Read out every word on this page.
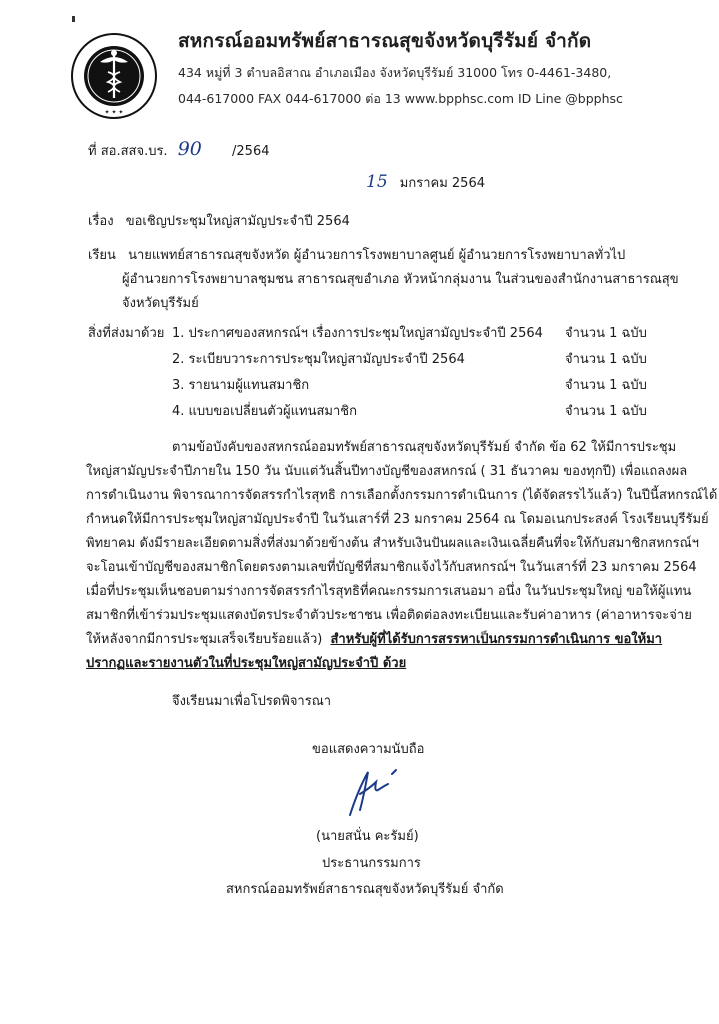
✦ ✦ ✦
สหกรณ์ออมทรัพย์สาธารณสุขจังหวัดบุรีรัมย์ จำกัด
434 หมู่ที่ 3 ตำบลอิสาณ อำเภอเมือง จังหวัดบุรีรัมย์ 31000 โทร 0-4461-3480,
044-617000 FAX 044-617000 ต่อ 13 www.bpphsc.com ID Line @bpphsc
ที่ สอ.สสจ.บร. 90 /2564
15 มกราคม 2564
เรื่อง ขอเชิญประชุมใหญ่สามัญประจำปี 2564
เรียน นายแพทย์สาธารณสุขจังหวัด ผู้อำนวยการโรงพยาบาลศูนย์ ผู้อำนวยการโรงพยาบาลทั่วไป
ผู้อำนวยการโรงพยาบาลชุมชน สาธารณสุขอำเภอ หัวหน้ากลุ่มงาน ในส่วนของสำนักงานสาธารณสุข
จังหวัดบุรีรัมย์
สิ่งที่ส่งมาด้วย 1. ประกาศของสหกรณ์ฯ เรื่องการประชุมใหญ่สามัญประจำปี 2564 จำนวน 1 ฉบับ
2. ระเบียบวาระการประชุมใหญ่สามัญประจำปี 2564	จำนวน 1 ฉบับ
3. รายนามผู้แทนสมาชิก	จำนวน 1 ฉบับ
4. แบบขอเปลี่ยนตัวผู้แทนสมาชิก	จำนวน 1 ฉบับ
ตามข้อบังคับของสหกรณ์ออมทรัพย์สาธารณสุขจังหวัดบุรีรัมย์ จำกัด ข้อ 62 ให้มีการประชุม
ใหญ่สามัญประจำปีภายใน 150 วัน นับแต่วันสิ้นปีทางบัญชีของสหกรณ์ ( 31 ธันวาคม ของทุกปี) เพื่อแถลงผล
การดำเนินงาน พิจารณาการจัดสรรกำไรสุทธิ การเลือกตั้งกรรมการดำเนินการ (ได้จัดสรรไว้แล้ว) ในปีนี้สหกรณ์ได้
กำหนดให้มีการประชุมใหญ่สามัญประจำปี ในวันเสาร์ที่ 23 มกราคม 2564 ณ โดมอเนกประสงค์ โรงเรียนบุรีรัมย์
พิทยาคม ดังมีรายละเอียดตามสิ่งที่ส่งมาด้วยข้างต้น สำหรับเงินปันผลและเงินเฉลี่ยคืนที่จะให้กับสมาชิกสหกรณ์ฯ
จะโอนเข้าบัญชีของสมาชิกโดยตรงตามเลขที่บัญชีที่สมาชิกแจ้งไว้กับสหกรณ์ฯ ในวันเสาร์ที่ 23 มกราคม 2564
เมื่อที่ประชุมเห็นชอบตามร่างการจัดสรรกำไรสุทธิที่คณะกรรมการเสนอมา อนึ่ง ในวันประชุมใหญ่ ขอให้ผู้แทน
สมาชิกที่เข้าร่วมประชุมแสดงบัตรประจำตัวประชาชน เพื่อติดต่อลงทะเบียนและรับค่าอาหาร (ค่าอาหารจะจ่าย
ให้หลังจากมีการประชุมเสร็จเรียบร้อยแล้ว) สำหรับผู้ที่ได้รับการสรรหาเป็นกรรมการดำเนินการ ขอให้มา
ปรากฏและรายงานตัวในที่ประชุมใหญ่สามัญประจำปี ด้วย
จึงเรียนมาเพื่อโปรดพิจารณา
ขอแสดงความนับถือ
(นายสนั่น คะรัมย์)
ประธานกรรมการ
สหกรณ์ออมทรัพย์สาธารณสุขจังหวัดบุรีรัมย์ จำกัด
